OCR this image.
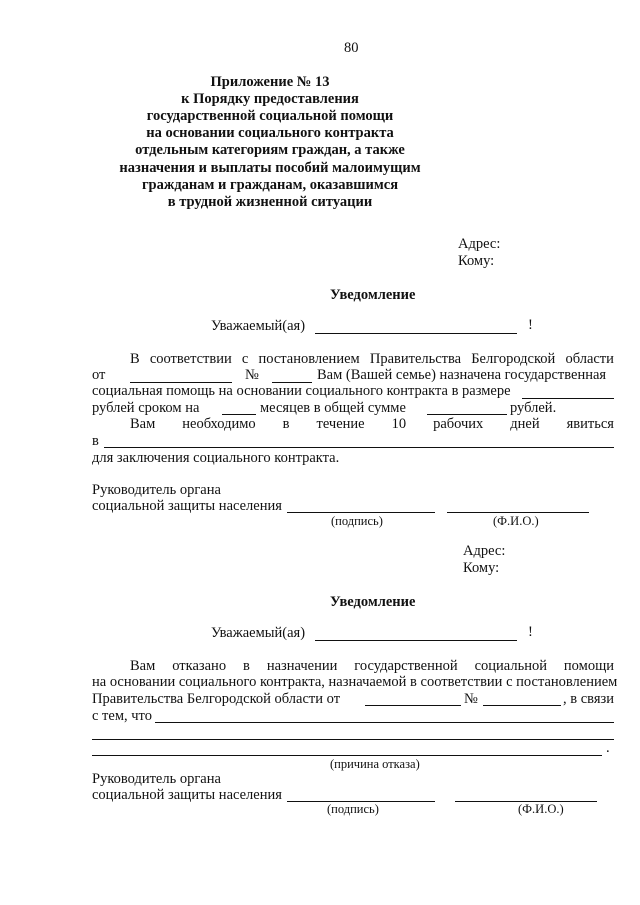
80
Приложение № 13
к Порядку предоставления
государственной социальной помощи
на основании социального контракта
отдельным категориям граждан, а также
назначения и выплаты пособий малоимущим
гражданам и гражданам, оказавшимся
в трудной жизненной ситуации
Адрес:
Кому:
Уведомление
Уважаемый(ая)	!
В соответствии с постановлением Правительства Белгородской области
от	№	Вам (Вашей семье) назначена государственная
социальная помощь на основании социального контракта в размере
рублей сроком на	месяцев в общей сумме	рублей.
Вам необходимо в течение 10 рабочих дней явиться
в
для заключения социального контракта.
Руководитель органа
социальной защиты населения
(подпись)	(Ф.И.О.)
Адрес:
Кому:
Уведомление
Уважаемый(ая)	!
Вам отказано в назначении государственной социальной помощи
на основании социального контракта, назначаемой в соответствии с постановлением
Правительства Белгородской области от	№	, в связи
с тем, что
.
(причина отказа)
Руководитель органа
социальной защиты населения
(подпись)	(Ф.И.О.)
